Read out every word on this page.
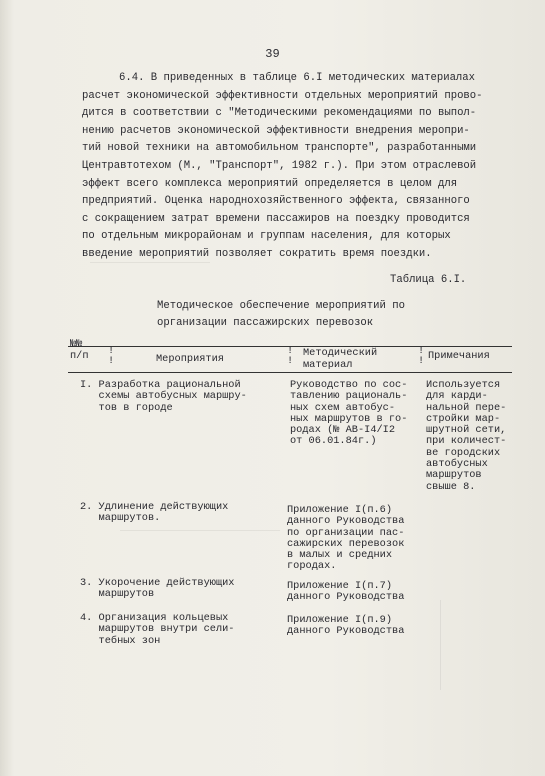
39
6.4. В приведенных в таблице 6.I методических материалах
расчет экономической эффективности отдельных мероприятий прово-
дится в соответствии с "Методическими рекомендациями по выпол-
нению расчетов экономической эффективности внедрения меропри-
тий новой техники на автомобильном транспорте", разработанными
Центравтотехом (М., "Транспорт", 1982 г.). При этом отраслевой
эффект всего комплекса мероприятий определяется в целом для
предприятий. Оценка народнохозяйственного эффекта, связанного
с сокращением затрат времени пассажиров на поездку проводится
по отдельным микрорайонам и группам населения, для которых
введение мероприятий позволяет сократить время поездки.
Таблица 6.I.
Методическое обеспечение мероприятий по
организации пассажирских перевозок
№№
п/п !
!	Мероприятия
!
!
Методический
материал
!
! Примечания
I. Разработка рациональной
схемы автобусных маршру-
тов в городе
Руководство по сос-
тавлению рациональ-
ных схем автобус-
ных маршрутов в го-
родах (№ АВ-I4/I2
от 06.01.84г.)
Используется
для карди-
нальной пере-
стройки мар-
шрутной сети,
при количест-
ве городских
автобусных
маршрутов
свыше 8.
2. Удлинение действующих
маршрутов.
Приложение I(п.6)
данного Руководства
по организации пас-
сажирских перевозок
в малых и средних
городах.
3. Укорочение действующих
маршрутов
Приложение I(п.7)
данного Руководства
4. Организация кольцевых
маршрутов внутри сели-
тебных зон
Приложение I(п.9)
данного Руководства
